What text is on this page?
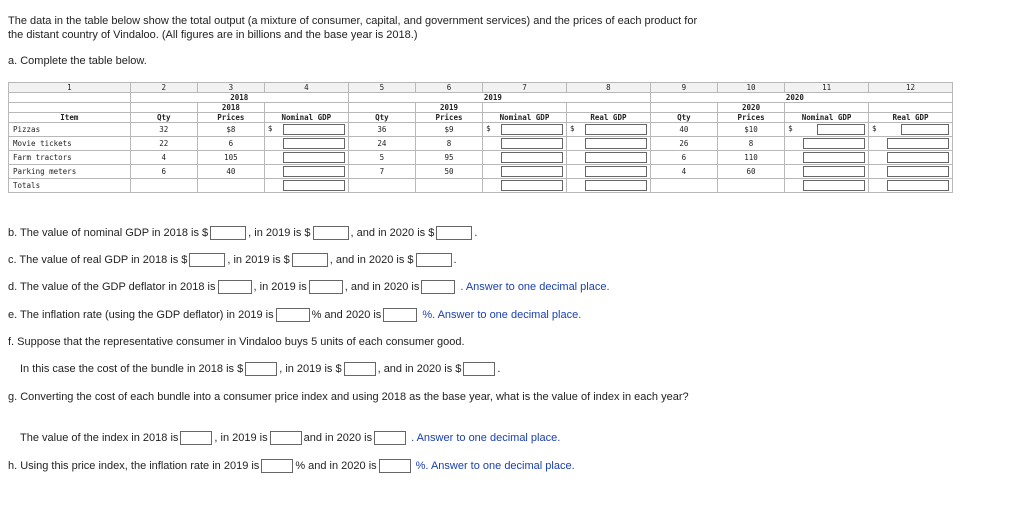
The data in the table below show the total output (a mixture of consumer, capital, and government services) and the prices of each product for the distant country of Vindaloo. (All figures are in billions and the base year is 2018.)
a. Complete the table below.
1	2	3	4	5	6	7	8	9	10	11	12
	2018			2019				2020			
		2018			2019				2020		
Item	Qty	Prices	Nominal GDP	Qty	Prices	Nominal GDP	Real GDP	Qty	Prices	Nominal GDP	Real GDP
Pizzas	32	$8	$	36	$9	$	$	40	$10	$	$

Movie tickets	22	6		24	8			26	8	

Farm tractors	4	105		5	95			6	110	

Parking meters	6	40		7	50			4	60	

Totals			

b. The value of nominal GDP in 2018 is $	, in 2019 is $	, and in 2020 is $	.
c. The value of real GDP in 2018 is $	, in 2019 is $	, and in 2020 is $	.
d. The value of the GDP deflator in 2018 is	, in 2019 is	, and in 2020 is	. Answer to one decimal place.
e. The inflation rate (using the GDP deflator) in 2019 is	% and 2020 is	%. Answer to one decimal place.
f. Suppose that the representative consumer in Vindaloo buys 5 units of each consumer good.
In this case the cost of the bundle in 2018 is $	, in 2019 is $	, and in 2020 is $	.
g. Converting the cost of each bundle into a consumer price index and using 2018 as the base year, what is the value of index in each year?
The value of the index in 2018 is	, in 2019 is	and in 2020 is	. Answer to one decimal place.
h. Using this price index, the inflation rate in 2019 is	% and in 2020 is	%. Answer to one decimal place.
